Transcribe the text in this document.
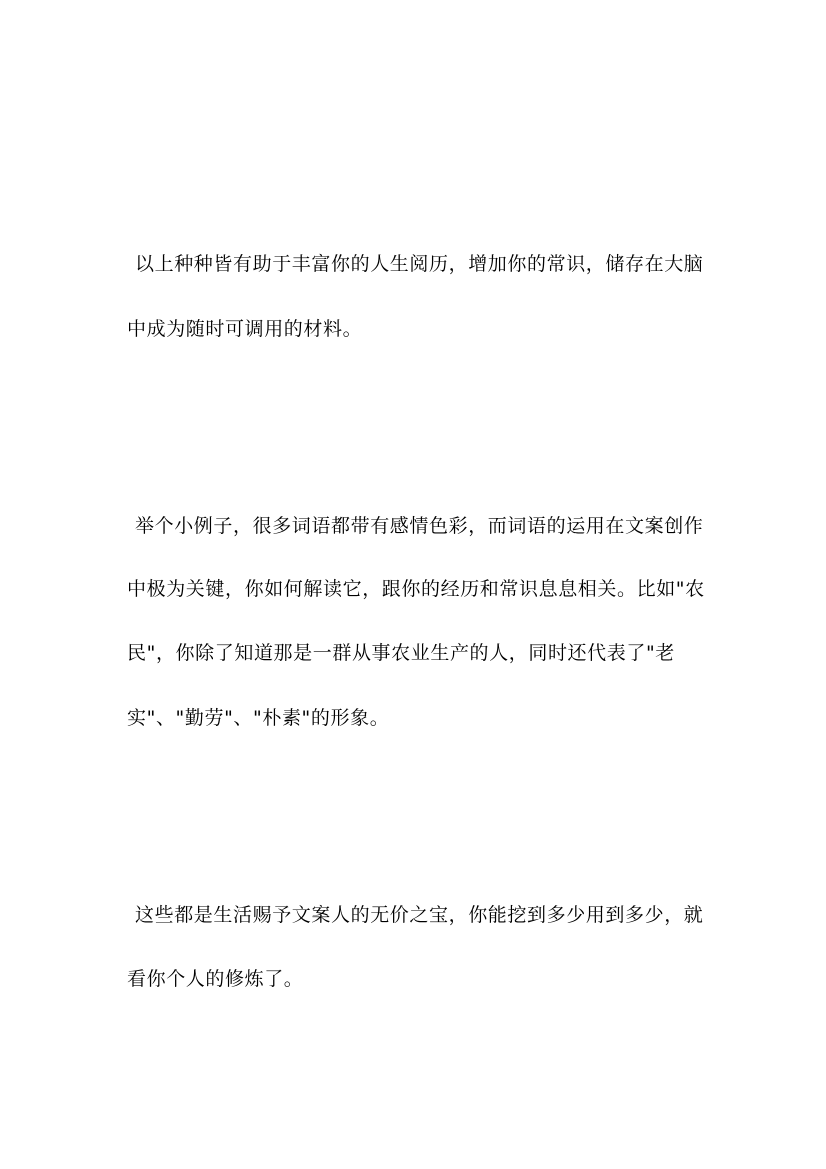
以上种种皆有助于丰富你的人生阅历，增加你的常识，储存在大脑
中成为随时可调用的材料。
举个小例子，很多词语都带有感情色彩，而词语的运用在文案创作
中极为关键，你如何解读它，跟你的经历和常识息息相关。比如"农
民"，你除了知道那是一群从事农业生产的人，同时还代表了"老
实"、"勤劳"、"朴素"的形象。
这些都是生活赐予文案人的无价之宝，你能挖到多少用到多少，就
看你个人的修炼了。
